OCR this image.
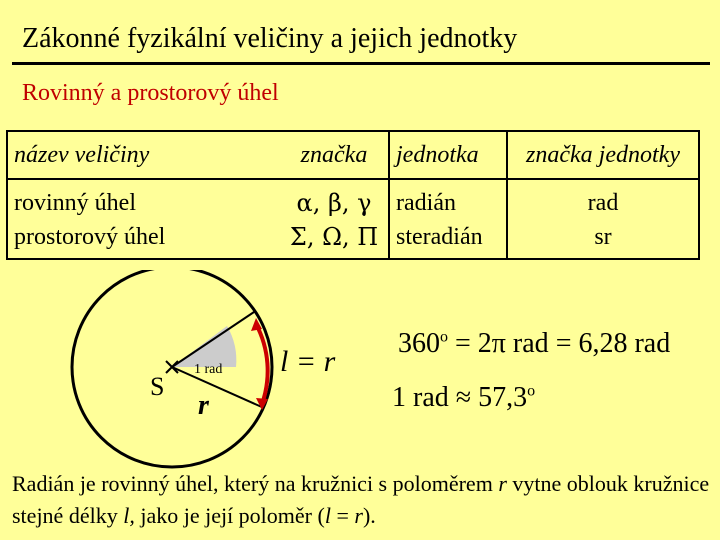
Zákonné fyzikální veličiny a jejich jednotky
Rovinný a prostorový úhel
název veličiny	značka	jednotka	značka jednotky
rovinný úhel	α, β, γ	radián	rad
prostorový úhel	Σ, Ω, Π	steradián	sr
S
r
1 rad l = r
$360^o = 2\pi$ rad = 6,28 rad
1 rad ≈ $57,3^o$
Radián je rovinný úhel, který na kružnici s poloměrem r vytne oblouk kružnice stejné délky l, jako je její poloměr (l = r).
